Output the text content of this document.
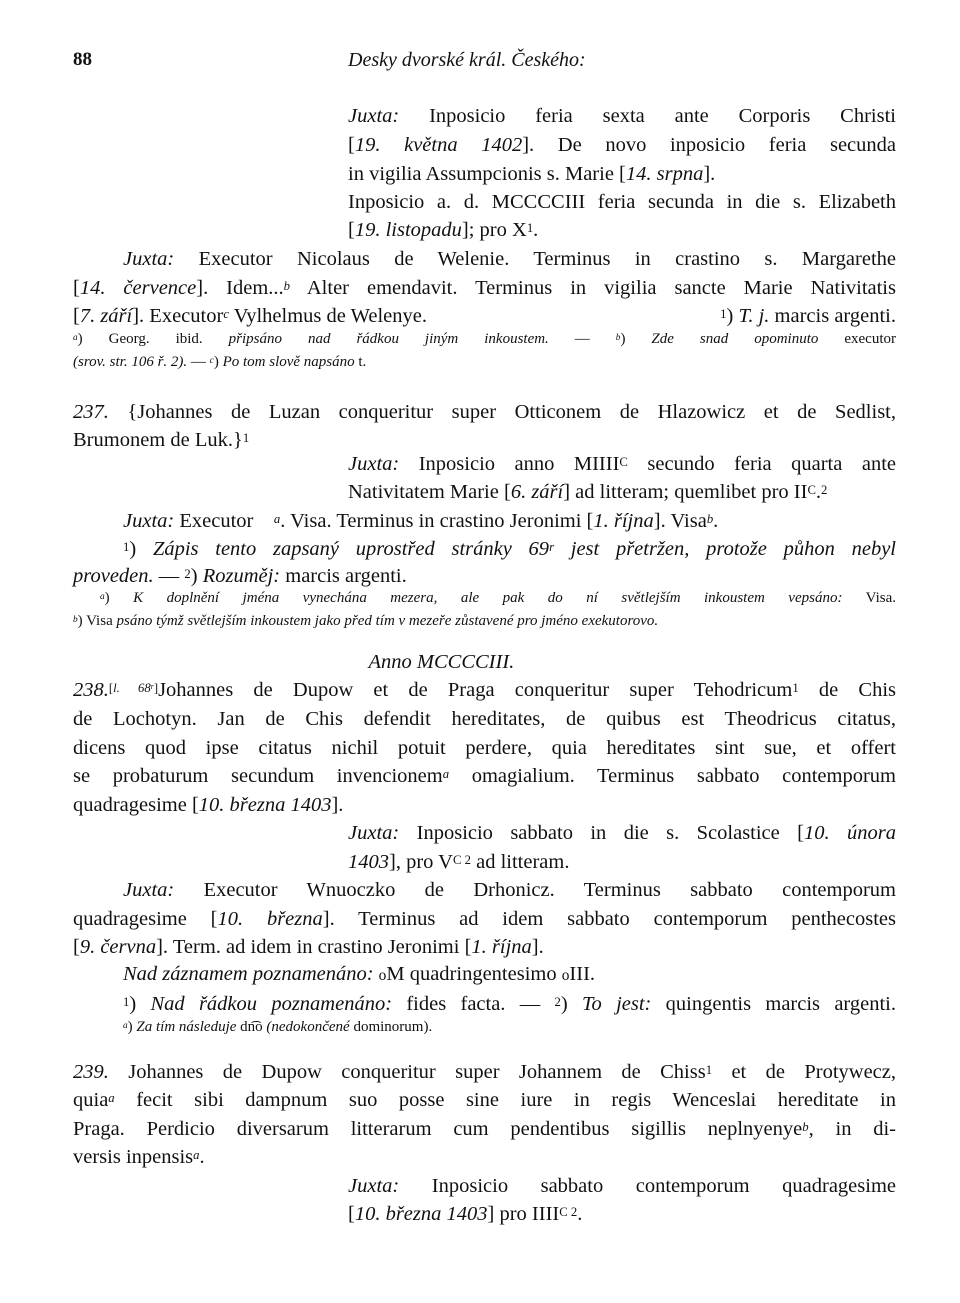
88	Desky dvorské král. Českého:
Juxta: Inposicio feria sexta ante Corporis Christi
[19. května 1402]. De novo inposicio feria secunda
in vigilia Assumpcionis s. Marie [14. srpna].
Inposicio a. d. MCCCCIII feria secunda in die s. Elizabeth
[19. listopadu]; pro $X^1$.
Juxta: Executor Nicolaus de Welenie. Terminus in crastino s. Margarethe
[14. července]. Idem...$^b$ Alter emendavit. Terminus in vigilia sancte Marie Nativitatis
[7. září]. Executor$^c$ Vylhelmus de Welenye.	$^1$) T. j. marcis argenti.
$^a$) Georg. ibid. připsáno nad řádkou jiným inkoustem. — $^b$) Zde snad opominuto executor
(srov. str. 106 ř. 2). — $^c$) Po tom slově napsáno t.
237. {Johannes de Luzan conqueritur super Otticonem de Hlazowicz et de Sedlist,
Brumonem de Luk.}$^1$
Juxta: Inposicio anno $MIIII^C$ secundo feria quarta ante
Nativitatem Marie [6. září] ad litteram; quemlibet pro $II^C.^2$
Juxta: Executor    $^a$. Visa. Terminus in crastino Jeronimi [1. října]. Visa$^b$.
$^1$) Zápis tento zapsaný uprostřed stránky 69$^r$ jest přetržen, protože půhon nebyl
proveden. — $^2$) Rozuměj: marcis argenti.
$^a$) K doplnění jména vynechána mezera, ale pak do ní světlejším inkoustem vepsáno: Visa.
$^b$) Visa psáno týmž světlejším inkoustem jako před tím v mezeře zůstavené pro jméno exekutorovo.
Anno MCCCCIII.
238.[l. 68r]Johannes de Dupow et de Praga conqueritur super Tehodricum$^1$ de Chis
de Lochotyn. Jan de Chis defendit hereditates, de quibus est Theodricus citatus,
dicens quod ipse citatus nichil potuit perdere, quia hereditates sint sue, et offert
se probaturum secundum invencionem$^a$ omagialium. Terminus sabbato contemporum
quadragesime [10. března 1403].
Juxta: Inposicio sabbato in die s. Scolastice [10. února
1403], pro $V^{C 2}$ ad litteram.
Juxta: Executor Wnuoczko de Drhonicz. Terminus sabbato contemporum
quadragesime [10. března]. Terminus ad idem sabbato contemporum penthecostes
[9. června]. Term. ad idem in crastino Jeronimi [1. října].
Nad záznamem poznamenáno: o
M quadringentesimo o
III.
$^1$) Nad řádkou poznamenáno: fides facta. — $^2$) To jest: quingentis marcis argenti.
$^a$) Za tím následuje dn͡o (nedokončené dominorum).
239. Johannes de Dupow conqueritur super Johannem de Chiss$^1$ et de Protywecz,
quia$^a$ fecit sibi dampnum suo posse sine iure in regis Wenceslai hereditate in
Praga. Perdicio diversarum litterarum cum pendentibus sigillis neplnyenye$^b$, in di-
versis inpensis$^a$.
Juxta: Inposicio sabbato contemporum quadragesime
[10. března 1403] pro $IIII^{C 2}$.
